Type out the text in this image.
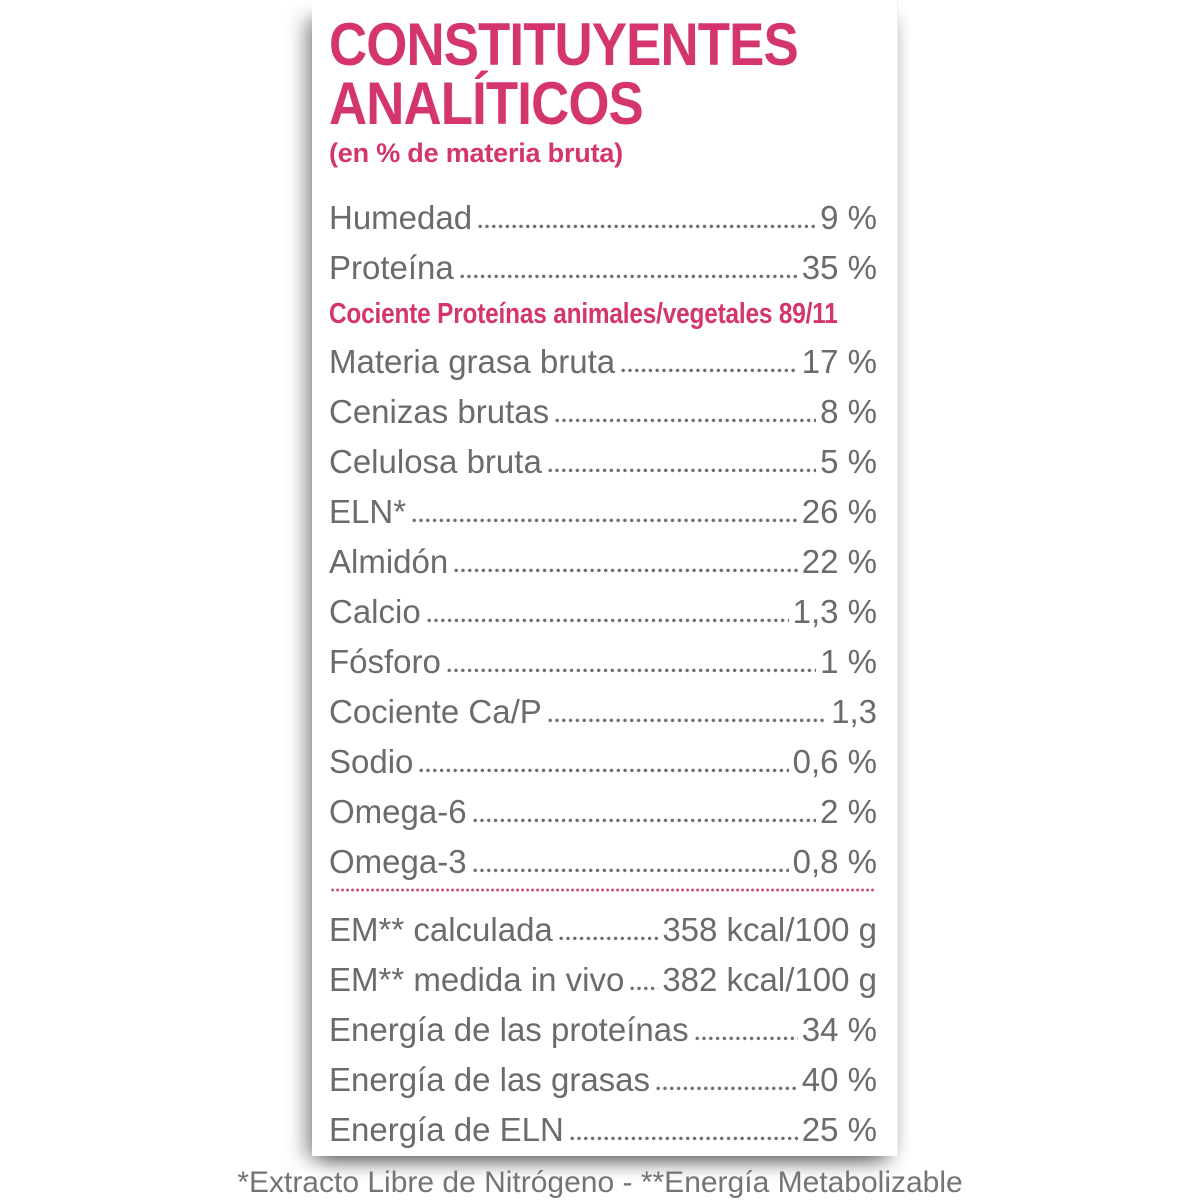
CONSTITUYENTES
ANALÍTICOS
(en % de materia bruta)
Humedad	9 %
Proteína	35 %
Cociente Proteínas animales/vegetales 89/11
Materia grasa bruta	17 %
Cenizas brutas	8 %
Celulosa bruta	5 %
ELN*	26 %
Almidón	22 %
Calcio	1,3 %
Fósforo	1 %
Cociente Ca/P	1,3
Sodio	0,6 %
Omega-6	2 %
Omega-3	0,8 %
EM** calculada	358 kcal/100 g
EM** medida in vivo 382 kcal/100 g
Energía de las proteínas	34 %
Energía de las grasas	40 %
Energía de ELN	25 %
*Extracto Libre de Nitrógeno - **Energía Metabolizable
